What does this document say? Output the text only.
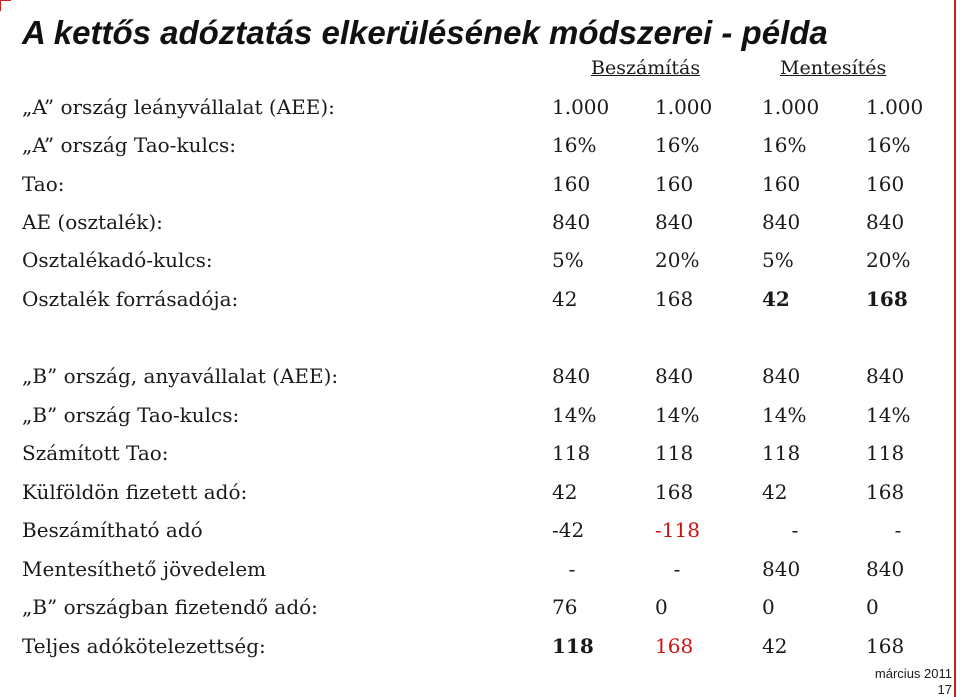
A kettős adóztatás elkerülésének módszerei - példa
Beszámítás	Mentesítés
„A” ország leányvállalat (AEE):	1.000 1.000 1.000 1.000
„A” ország Tao-kulcs:	16%	16%	16%	16%
Tao:	160	160	160	160
AE (osztalék):	840	840	840	840
Osztalékadó-kulcs:	5%	20%	5%	20%
Osztalék forrásadója:	42	168	42	168
„B” ország, anyavállalat (AEE):	840	840	840	840
„B” ország Tao-kulcs:	14%	14%	14%	14%
Számított Tao:	118	118	118	118
Külföldön fizetett adó:	42	168	42	168
Beszámítható adó	-42	-118	-	-
Mentesíthető jövedelem	-	-	840	840
„B” országban fizetendő adó:	76	0	0	0
Teljes adókötelezettség:	118	168	42	168
március 2011
17
